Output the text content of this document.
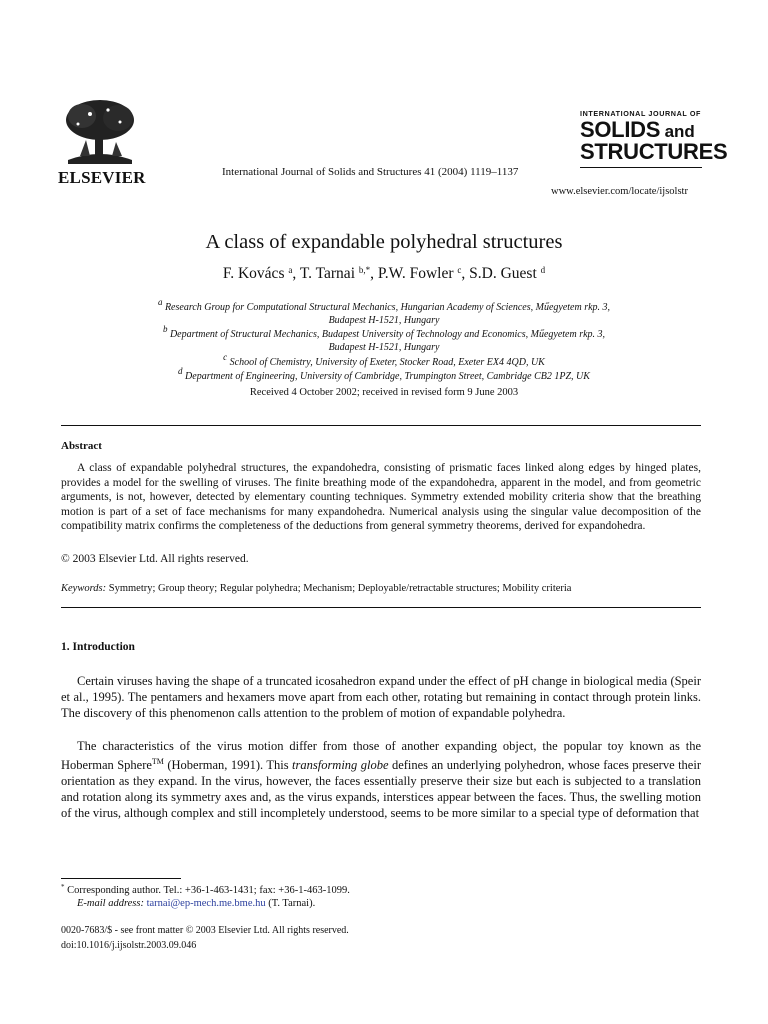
ELSEVIER	International Journal of Solids and Structures 41 (2004) 1119–1137
INTERNATIONAL JOURNAL OF
SOLIDS and
STRUCTURES
www.elsevier.com/locate/ijsolstr
A class of expandable polyhedral structures
F. Kovács $^a$, T. Tarnai $^{b,*}$, P.W. Fowler $^c$, S.D. Guest $^d$
$^a$ Research Group for Computational Structural Mechanics, Hungarian Academy of Sciences, Műegyetem rkp. 3,
Budapest H-1521, Hungary
$^b$ Department of Structural Mechanics, Budapest University of Technology and Economics, Műegyetem rkp. 3,
Budapest H-1521, Hungary
$^c$ School of Chemistry, University of Exeter, Stocker Road, Exeter EX4 4QD, UK
$^d$ Department of Engineering, University of Cambridge, Trumpington Street, Cambridge CB2 1PZ, UK
Received 4 October 2002; received in revised form 9 June 2003
Abstract
A class of expandable polyhedral structures, the expandohedra, consisting of prismatic faces linked along edges by hinged plates, provides a model for the swelling of viruses. The finite breathing mode of the expandohedra, apparent in the model, and from geometric arguments, is not, however, detected by elementary counting techniques. Symmetry extended mobility criteria show that the breathing motion is part of a set of face mechanisms for many expandohedra. Numerical analysis using the singular value decomposition of the compatibility matrix confirms the completeness of the deductions from general symmetry theorems, derived for expandohedra.
© 2003 Elsevier Ltd. All rights reserved.
Keywords: Symmetry; Group theory; Regular polyhedra; Mechanism; Deployable/retractable structures; Mobility criteria
1. Introduction
Certain viruses having the shape of a truncated icosahedron expand under the effect of pH change in biological media (Speir et al., 1995). The pentamers and hexamers move apart from each other, rotating but remaining in contact through protein links. The discovery of this phenomenon calls attention to the problem of motion of expandable polyhedra.
The characteristics of the virus motion differ from those of another expanding object, the popular toy known as the Hoberman Sphere™ (Hoberman, 1991). This transforming globe defines an underlying polyhedron, whose faces preserve their orientation as they expand. In the virus, however, the faces essentially preserve their size but each is subjected to a translation and rotation along its symmetry axes and, as the virus expands, interstices appear between the faces. Thus, the swelling motion of the virus, although complex and still incompletely understood, seems to be more similar to a special type of deformation that
* Corresponding author. Tel.: +36-1-463-1431; fax: +36-1-463-1099.
E-mail address: tarnai@ep-mech.me.bme.hu (T. Tarnai).
0020-7683/$ - see front matter © 2003 Elsevier Ltd. All rights reserved.
doi:10.1016/j.ijsolstr.2003.09.046
